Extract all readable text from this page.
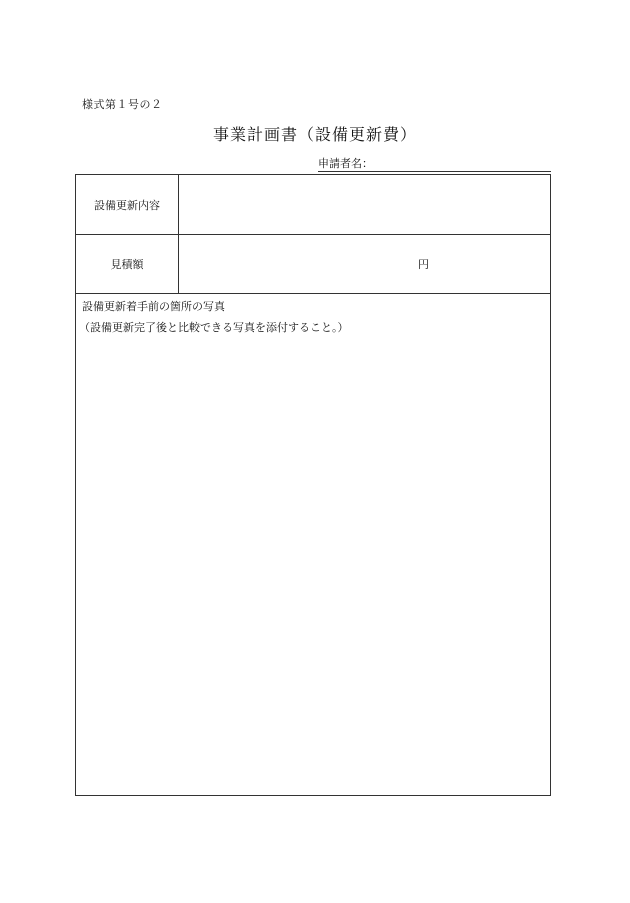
様式第１号の２
事業計画書（設備更新費）
申請者名：
設備更新内容
見積額	円
設備更新着手前の箇所の写真
（設備更新完了後と比較できる写真を添付すること。）
